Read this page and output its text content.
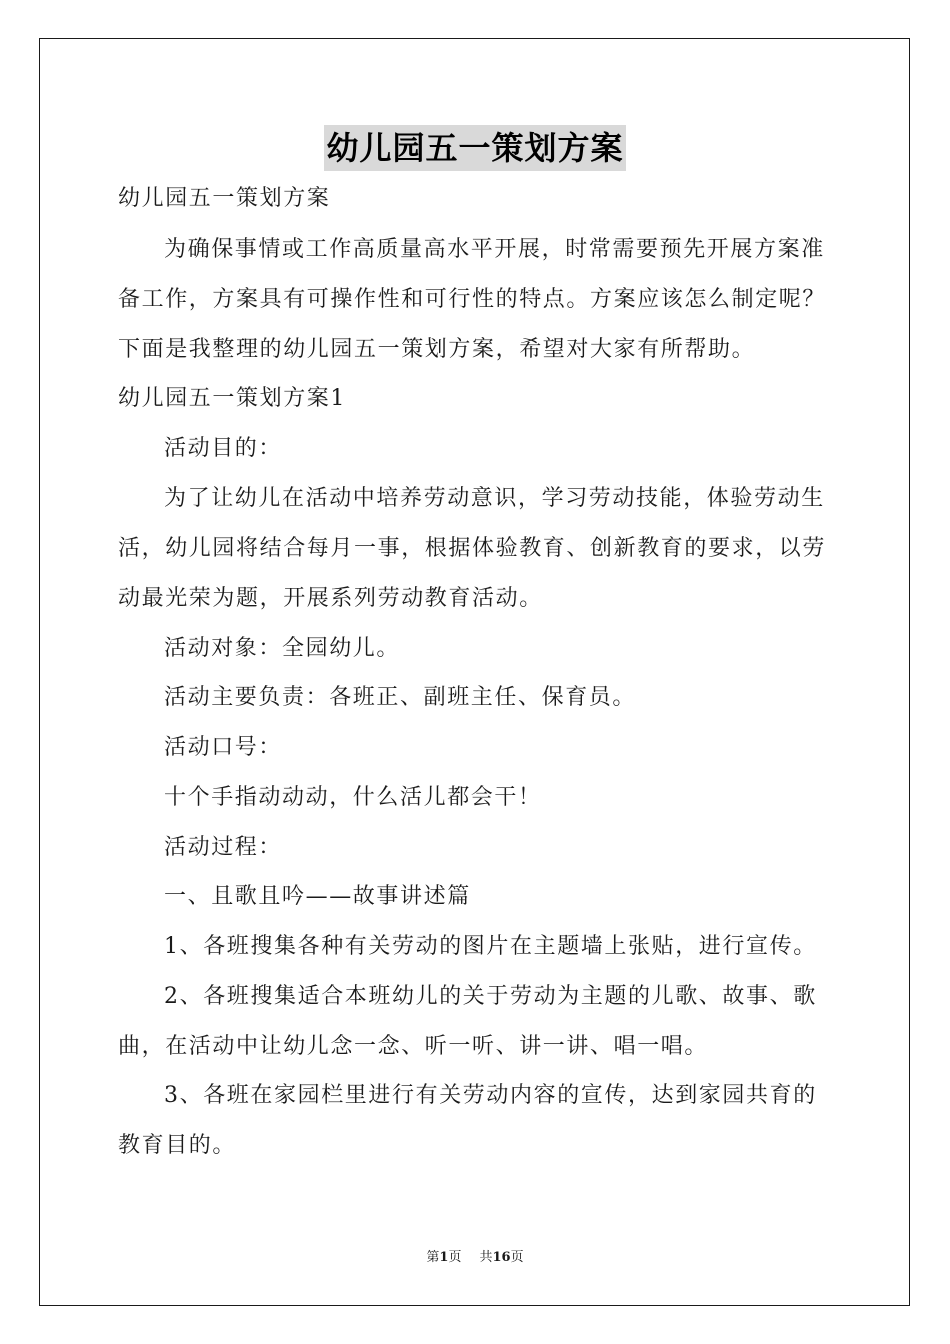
幼儿园五一策划方案
幼儿园五一策划方案
为确保事情或工作高质量高水平开展，时常需要预先开展方案准
备工作，方案具有可操作性和可行性的特点。方案应该怎么制定呢？
下面是我整理的幼儿园五一策划方案，希望对大家有所帮助。
幼儿园五一策划方案1
活动目的：
为了让幼儿在活动中培养劳动意识，学习劳动技能，体验劳动生
活，幼儿园将结合每月一事，根据体验教育、创新教育的要求，以劳
动最光荣为题，开展系列劳动教育活动。
活动对象：全园幼儿。
活动主要负责：各班正、副班主任、保育员。
活动口号：
十个手指动动动，什么活儿都会干！
活动过程：
一、且歌且吟——故事讲述篇
1、各班搜集各种有关劳动的图片在主题墙上张贴，进行宣传。
2、各班搜集适合本班幼儿的关于劳动为主题的儿歌、故事、歌
曲，在活动中让幼儿念一念、听一听、讲一讲、唱一唱。
3、各班在家园栏里进行有关劳动内容的宣传，达到家园共育的
教育目的。
第1页 共16页
